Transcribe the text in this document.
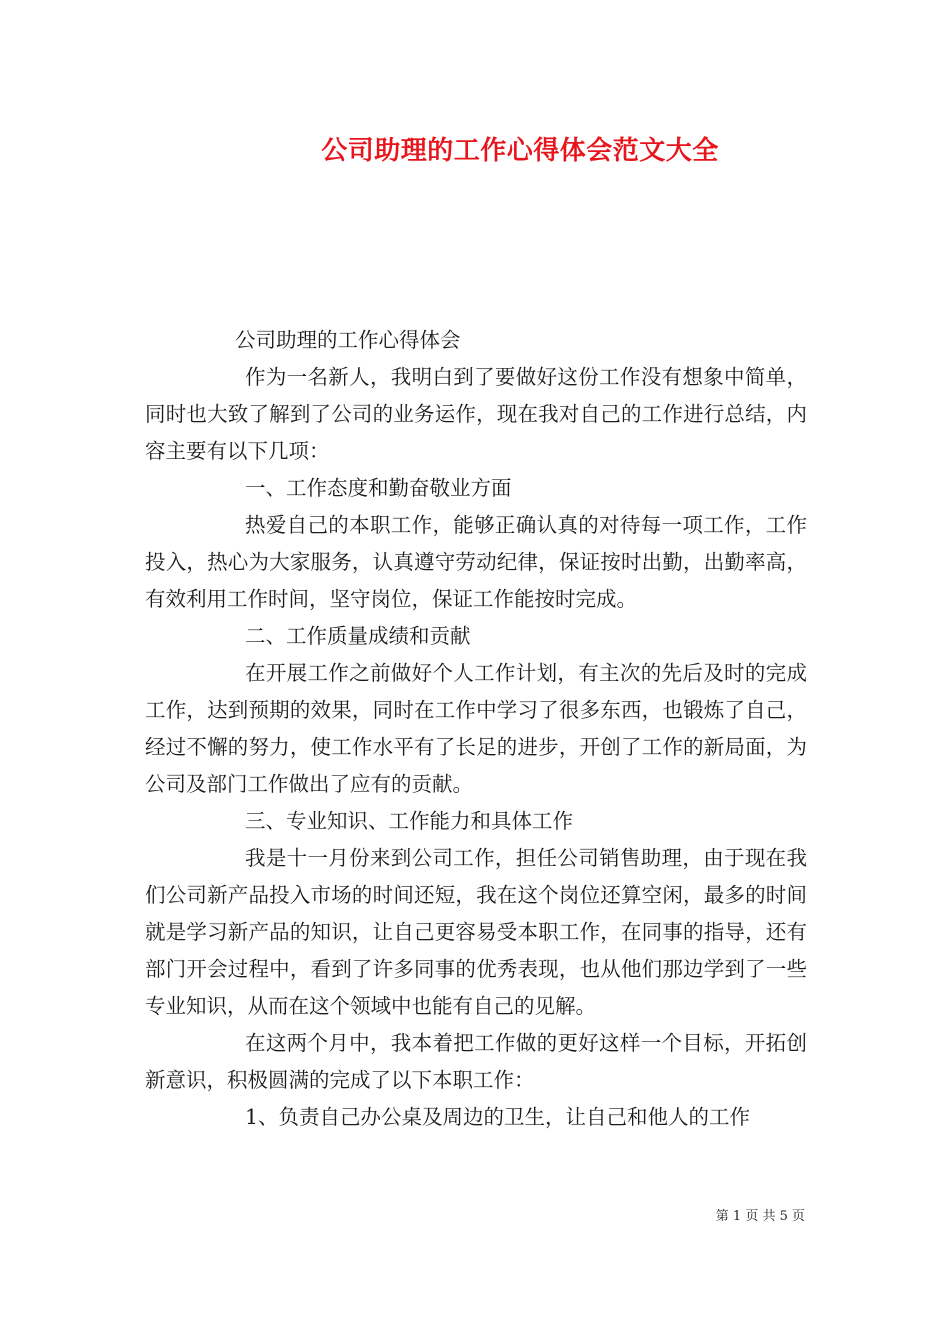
公司助理的工作心得体会范文大全

公司助理的工作心得体会

作为一名新人，我明白到了要做好这份工作没有想象中简单，同时也大致了解到了公司的业务运作，现在我对自己的工作进行总结，内容主要有以下几项：

一、工作态度和勤奋敬业方面

热爱自己的本职工作，能够正确认真的对待每一项工作，工作投入，热心为大家服务，认真遵守劳动纪律，保证按时出勤，出勤率高，有效利用工作时间，坚守岗位，保证工作能按时完成。

二、工作质量成绩和贡献

在开展工作之前做好个人工作计划，有主次的先后及时的完成工作，达到预期的效果，同时在工作中学习了很多东西，也锻炼了自己，经过不懈的努力，使工作水平有了长足的进步，开创了工作的新局面，为公司及部门工作做出了应有的贡献。

三、专业知识、工作能力和具体工作

我是十一月份来到公司工作，担任公司销售助理，由于现在我们公司新产品投入市场的时间还短，我在这个岗位还算空闲，最多的时间就是学习新产品的知识，让自己更容易受本职工作，在同事的指导，还有部门开会过程中，看到了许多同事的优秀表现，也从他们那边学到了一些专业知识，从而在这个领域中也能有自己的见解。

在这两个月中，我本着把工作做的更好这样一个目标，开拓创新意识，积极圆满的完成了以下本职工作：

1、负责自己办公桌及周边的卫生，让自己和他人的工作

第 1 页 共 5 页
